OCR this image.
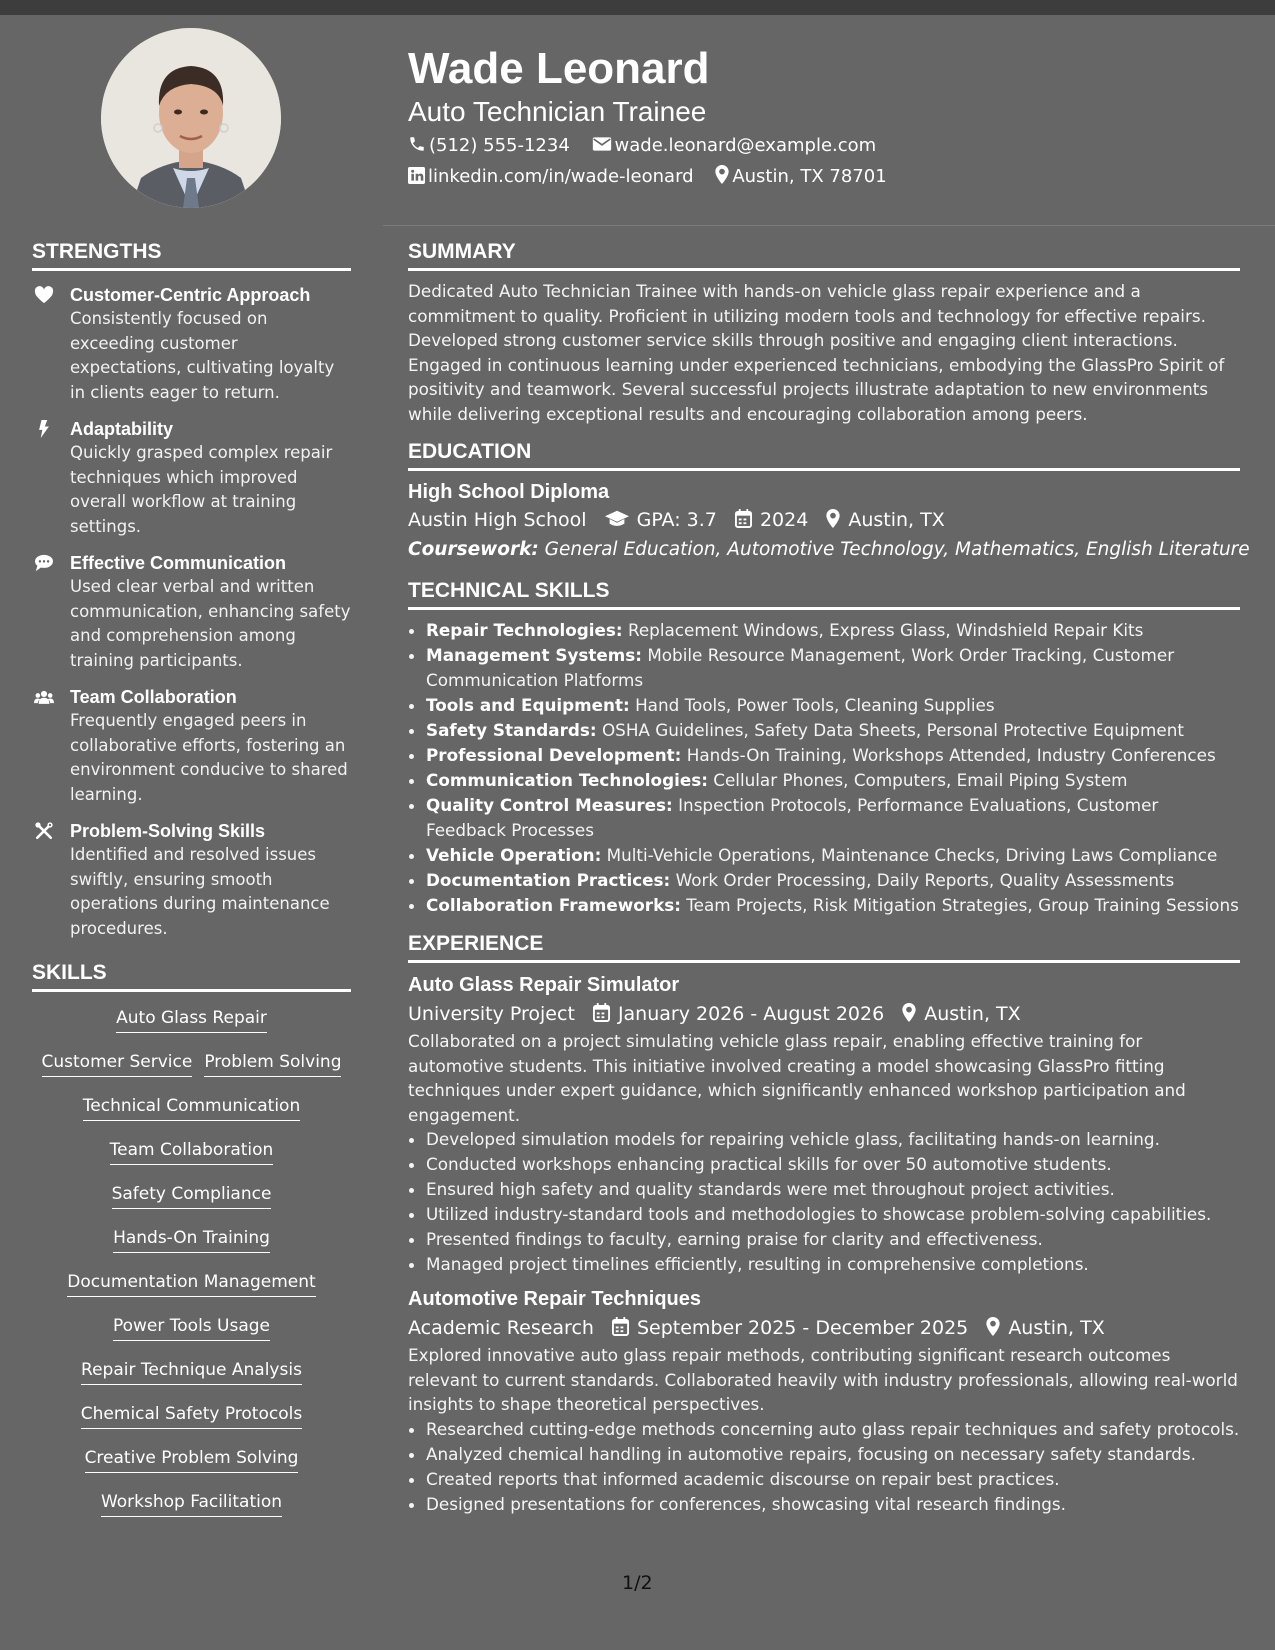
Wade Leonard
Auto Technician Trainee
(512) 555-1234 wade.leonard@example.com
linkedin.com/in/wade-leonard Austin, TX 78701
STRENGTHS
Customer-Centric Approach
Consistently focused on exceeding customer expectations, cultivating loyalty in clients eager to return.
Adaptability
Quickly grasped complex repair techniques which improved overall workflow at training settings.
Effective Communication
Used clear verbal and written communication, enhancing safety and comprehension among training participants.
Team Collaboration
Frequently engaged peers in collaborative efforts, fostering an environment conducive to shared learning.
Problem-Solving Skills
Identified and resolved issues swiftly, ensuring smooth operations during maintenance procedures.
SKILLS
Auto Glass Repair
Customer Service Problem Solving
Technical Communication
Team Collaboration
Safety Compliance
Hands-On Training
Documentation Management
Power Tools Usage
Repair Technique Analysis
Chemical Safety Protocols
Creative Problem Solving
Workshop Facilitation
SUMMARY

Dedicated Auto Technician Trainee with hands-on vehicle glass repair experience and a commitment to quality. Proficient in utilizing modern tools and technology for effective repairs. Developed strong customer service skills through positive and engaging client interactions. Engaged in continuous learning under experienced technicians, embodying the GlassPro Spirit of positivity and teamwork. Several successful projects illustrate adaptation to new environments while delivering exceptional results and encouraging collaboration among peers.

EDUCATION
High School Diploma
Austin High School	GPA: 3.7 2024 Austin, TX
Coursework: General Education, Automotive Technology, Mathematics, English Literature
TECHNICAL SKILLS
• Repair Technologies: Replacement Windows, Express Glass, Windshield Repair Kits
• Management Systems: Mobile Resource Management, Work Order Tracking, Customer Communication Platforms
• Tools and Equipment: Hand Tools, Power Tools, Cleaning Supplies
• Safety Standards: OSHA Guidelines, Safety Data Sheets, Personal Protective Equipment
• Professional Development: Hands-On Training, Workshops Attended, Industry Conferences
• Communication Technologies: Cellular Phones, Computers, Email Piping System
• Quality Control Measures: Inspection Protocols, Performance Evaluations, Customer Feedback Processes
• Vehicle Operation: Multi-Vehicle Operations, Maintenance Checks, Driving Laws Compliance
• Documentation Practices: Work Order Processing, Daily Reports, Quality Assessments
• Collaboration Frameworks: Team Projects, Risk Mitigation Strategies, Group Training Sessions
EXPERIENCE
Auto Glass Repair Simulator
University Project January 2026 - August 2026 Austin, TX

Collaborated on a project simulating vehicle glass repair, enabling effective training for automotive students. This initiative involved creating a model showcasing GlassPro fitting techniques under expert guidance, which significantly enhanced workshop participation and engagement.

• Developed simulation models for repairing vehicle glass, facilitating hands-on learning.
• Conducted workshops enhancing practical skills for over 50 automotive students.
• Ensured high safety and quality standards were met throughout project activities.
• Utilized industry-standard tools and methodologies to showcase problem-solving capabilities.
• Presented findings to faculty, earning praise for clarity and effectiveness.
• Managed project timelines efficiently, resulting in comprehensive completions.
Automotive Repair Techniques
Academic Research September 2025 - December 2025 Austin, TX

Explored innovative auto glass repair methods, contributing significant research outcomes relevant to current standards. Collaborated heavily with industry professionals, allowing real-world insights to shape theoretical perspectives.

• Researched cutting-edge methods concerning auto glass repair techniques and safety protocols.
• Analyzed chemical handling in automotive repairs, focusing on necessary safety standards.
• Created reports that informed academic discourse on repair best practices.
• Designed presentations for conferences, showcasing vital research findings.
1/2
